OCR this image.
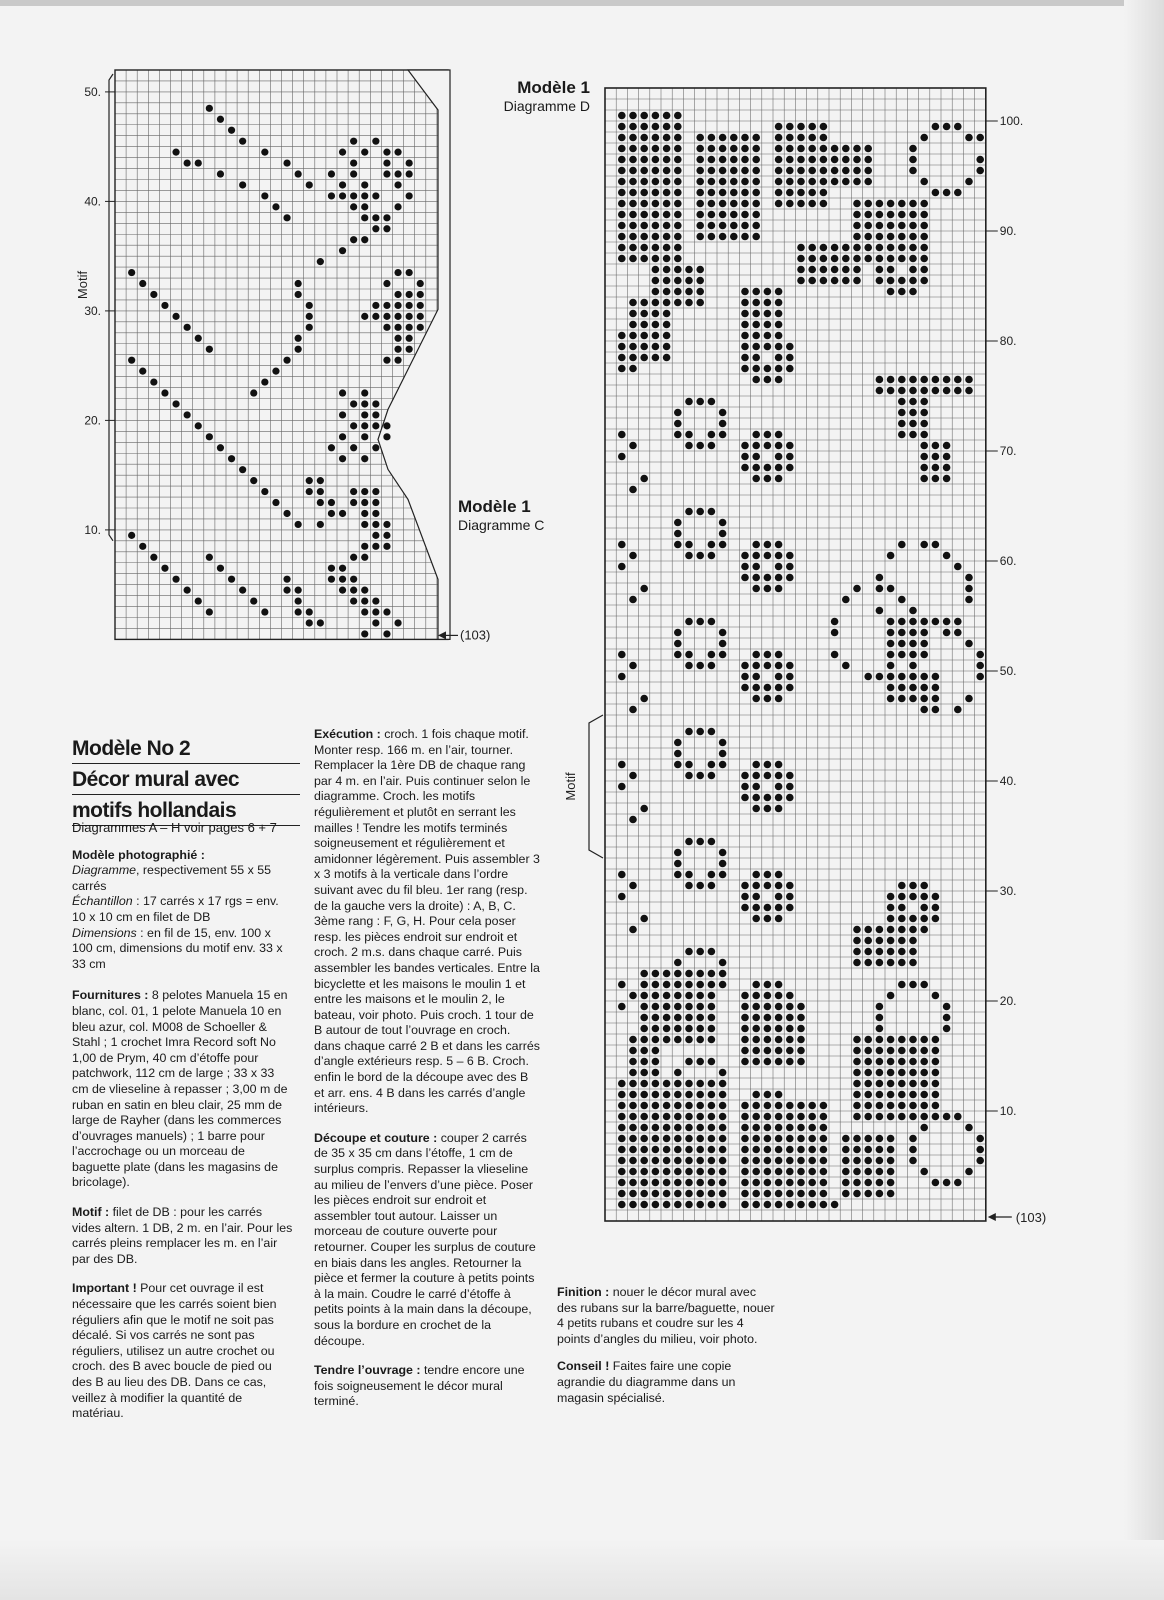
50.
40.
30.
20.
10.
Motif
(103)
Modèle 1
Diagramme C
Modèle 1
Diagramme D
100.
90.
80.
70.
60.
50.
40.
30.
20.
10.
Motif
(103)
Modèle No 2
Décor mural avec
motifs hollandais

Diagrammes A – H voir pages 6 + 7

Modèle photographié :
Diagramme, respectivement 55 x 55 carrés
Échantillon : 17 carrés x 17 rgs = env. 10 x 10 cm en filet de DB
Dimensions : en fil de 15, env. 100 x 100 cm, dimensions du motif env. 33 x 33 cm

Fournitures : 8 pelotes Manuela 15 en blanc, col. 01, 1 pelote Manuela 10 en bleu azur, col. M008 de Schoeller & Stahl ; 1 crochet Imra Record soft No 1,00 de Prym, 40 cm d’étoffe pour patchwork, 112 cm de large ; 33 x 33 cm de vlieseline à repasser ; 3,00 m de ruban en satin en bleu clair, 25 mm de large de Rayher (dans les commerces d’ouvrages manuels) ; 1 barre pour l’accrochage ou un morceau de baguette plate (dans les magasins de bricolage).

Motif : filet de DB : pour les carrés vides altern. 1 DB, 2 m. en l’air. Pour les carrés pleins remplacer les m. en l’air par des DB.

Important ! Pour cet ouvrage il est nécessaire que les carrés soient bien réguliers afin que le motif ne soit pas décalé. Si vos carrés ne sont pas réguliers, utilisez un autre crochet ou croch. des B avec boucle de pied ou des B au lieu des DB. Dans ce cas, veillez à modifier la quantité de matériau.

Exécution : croch. 1 fois chaque motif. Monter resp. 166 m. en l’air, tourner. Remplacer la 1ère DB de chaque rang par 4 m. en l’air. Puis continuer selon le diagramme. Croch. les motifs régulièrement et plutôt en serrant les mailles ! Tendre les motifs terminés soigneusement et régulièrement et amidonner légèrement. Puis assembler 3 x 3 motifs à la verticale dans l’ordre suivant avec du fil bleu. 1er rang (resp. de la gauche vers la droite) : A, B, C. 3ème rang : F, G, H. Pour cela poser resp. les pièces endroit sur endroit et croch. 2 m.s. dans chaque carré. Puis assembler les bandes verticales. Entre la bicyclette et les maisons le moulin 1 et entre les maisons et le moulin 2, le bateau, voir photo. Puis croch. 1 tour de B autour de tout l’ouvrage en croch. dans chaque carré 2 B et dans les carrés d’angle extérieurs resp. 5 – 6 B. Croch. enfin le bord de la découpe avec des B et arr. ens. 4 B dans les carrés d’angle intérieurs.

Découpe et couture : couper 2 carrés de 35 x 35 cm dans l’étoffe, 1 cm de surplus compris. Repasser la vlieseline au milieu de l’envers d’une pièce. Poser les pièces endroit sur endroit et assembler tout autour. Laisser un morceau de couture ouverte pour retourner. Couper les surplus de couture en biais dans les angles. Retourner la pièce et fermer la couture à petits points à la main. Coudre le carré d’étoffe à petits points à la main dans la découpe, sous la bordure en crochet de la découpe.

Tendre l’ouvrage : tendre encore une fois soigneusement le décor mural terminé.

Finition : nouer le décor mural avec des rubans sur la barre/baguette, nouer 4 petits rubans et coudre sur les 4 points d’angles du milieu, voir photo.

Conseil ! Faites faire une copie agrandie du diagramme dans un magasin spécialisé.
